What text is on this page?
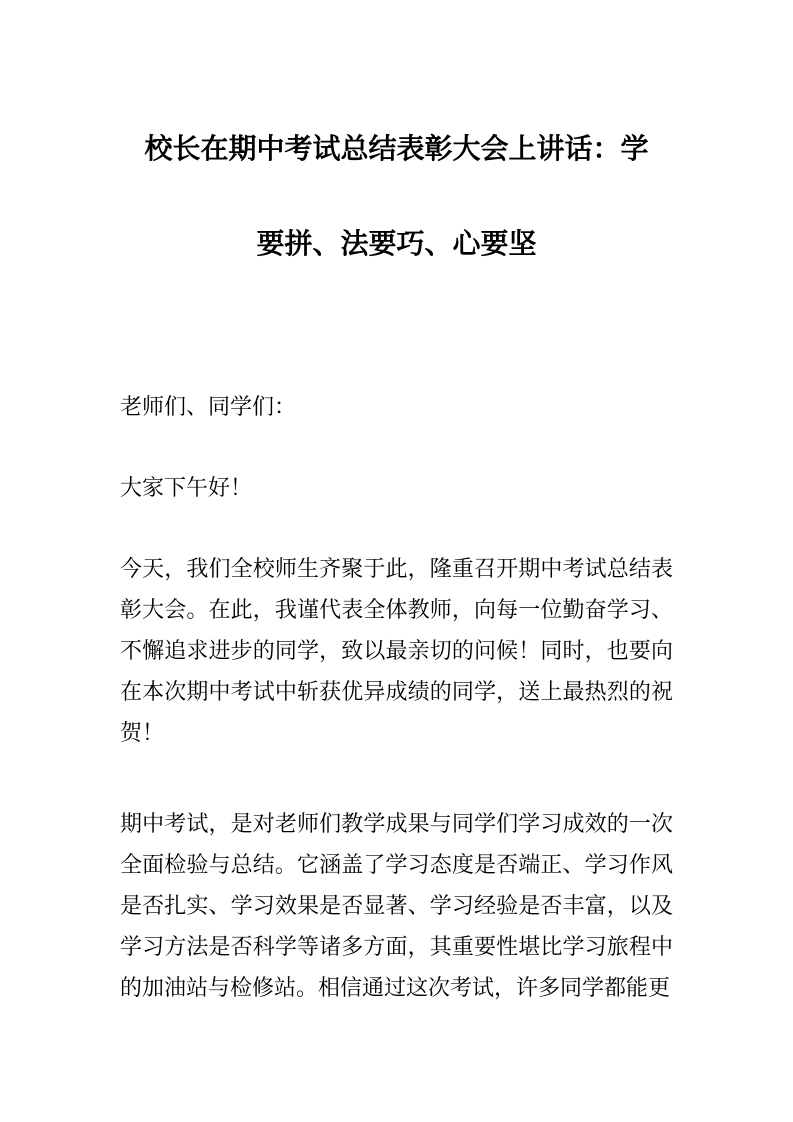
校长在期中考试总结表彰大会上讲话：学
要拼、法要巧、心要坚

老师们、同学们：

大家下午好！

今天，我们全校师生齐聚于此，隆重召开期中考试总结表彰大会。在此，我谨代表全体教师，向每一位勤奋学习、不懈追求进步的同学，致以最亲切的问候！同时，也要向在本次期中考试中斩获优异成绩的同学，送上最热烈的祝贺！

期中考试，是对老师们教学成果与同学们学习成效的一次全面检验与总结。它涵盖了学习态度是否端正、学习作风是否扎实、学习效果是否显著、学习经验是否丰富，以及学习方法是否科学等诸多方面，其重要性堪比学习旅程中的加油站与检修站。相信通过这次考试，许多同学都能更
